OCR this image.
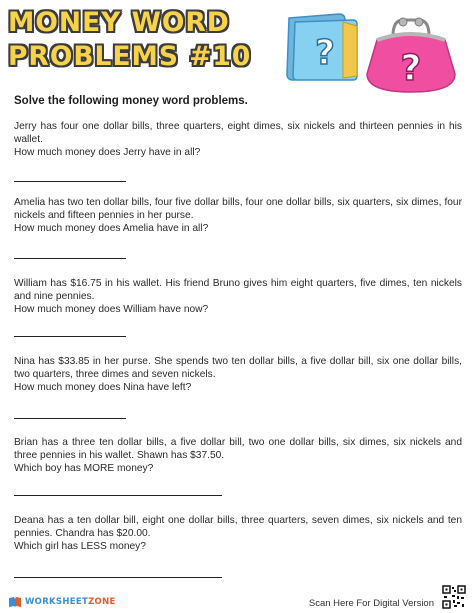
MONEY WORD
PROBLEMS #10	? ?
Solve the following money word problems.

Jerry has four one dollar bills, three quarters, eight dimes, six nickels and thirteen pennies in his wallet.

How much money does Jerry have in all?

Amelia has two ten dollar bills, four five dollar bills, four one dollar bills, six quarters, six dimes, four nickels and fifteen pennies in her purse.

How much money does Amelia have in all?

William has $16.75 in his wallet. His friend Bruno gives him eight quarters, five dimes, ten nickels and nine pennies.

How much money does William have now?

Nina has $33.85 in her purse. She spends two ten dollar bills, a five dollar bill, six one dollar bills, two quarters, three dimes and seven nickels.

How much money does Nina have left?

Brian has a three ten dollar bills, a five dollar bill, two one dollar bills, six dimes, six nickels and three pennies in his wallet. Shawn has $37.50.

Which boy has MORE money?

Deana has a ten dollar bill, eight one dollar bills, three quarters, seven dimes, six nickels and ten pennies. Chandra has $20.00.

Which girl has LESS money?

WORKSHEETZONE	Scan Here For Digital Version
